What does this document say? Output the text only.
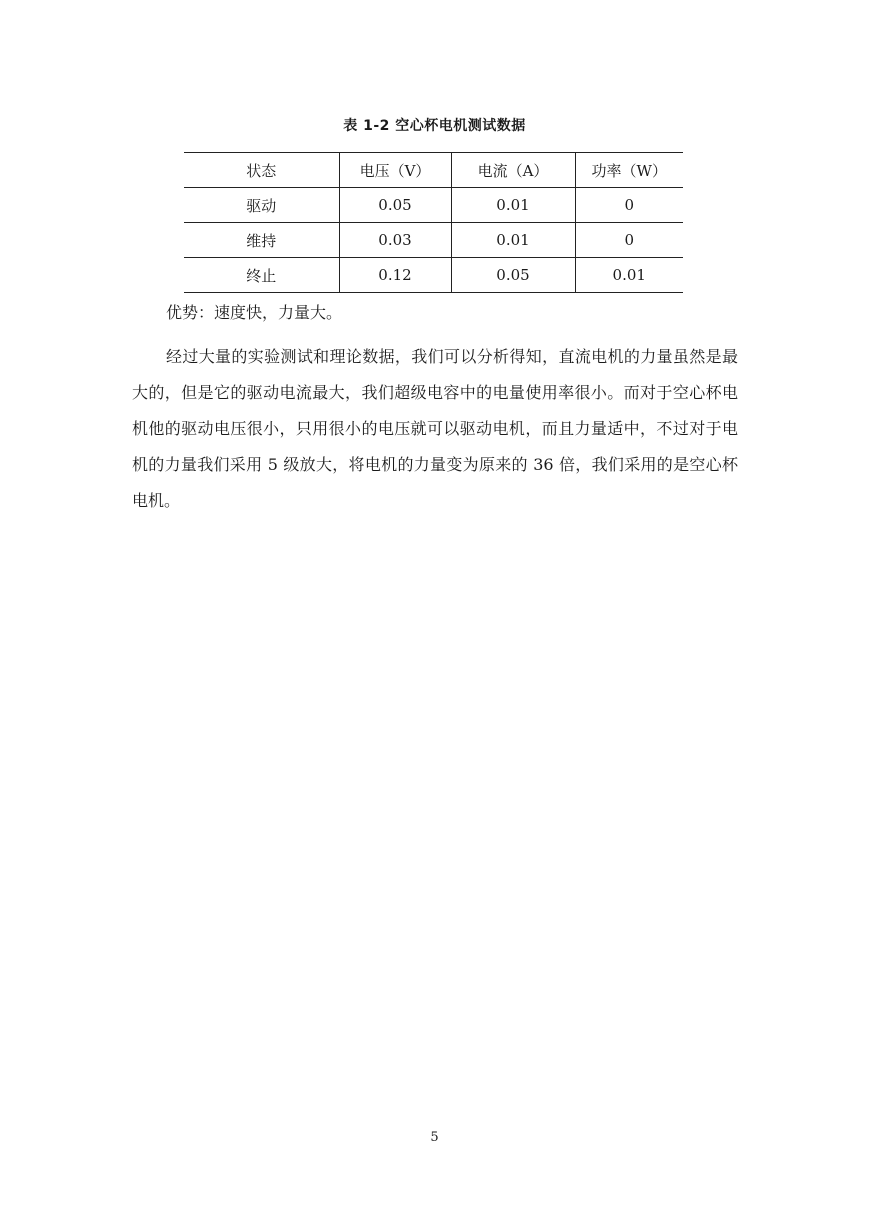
表 1-2 空心杯电机测试数据
状态	电压（V）	电流（A）	功率（W）
驱动	0.05	0.01	0
维持	0.03	0.01	0
终止	0.12	0.05	0.01
优势：速度快，力量大。

经过大量的实验测试和理论数据，我们可以分析得知，直流电机的力量虽然是最大的，但是它的驱动电流最大，我们超级电容中的电量使用率很小。而对于空心杯电机他的驱动电压很小，只用很小的电压就可以驱动电机，而且力量适中，不过对于电机的力量我们采用 5 级放大，将电机的力量变为原来的 36 倍，我们采用的是空心杯电机。

5
